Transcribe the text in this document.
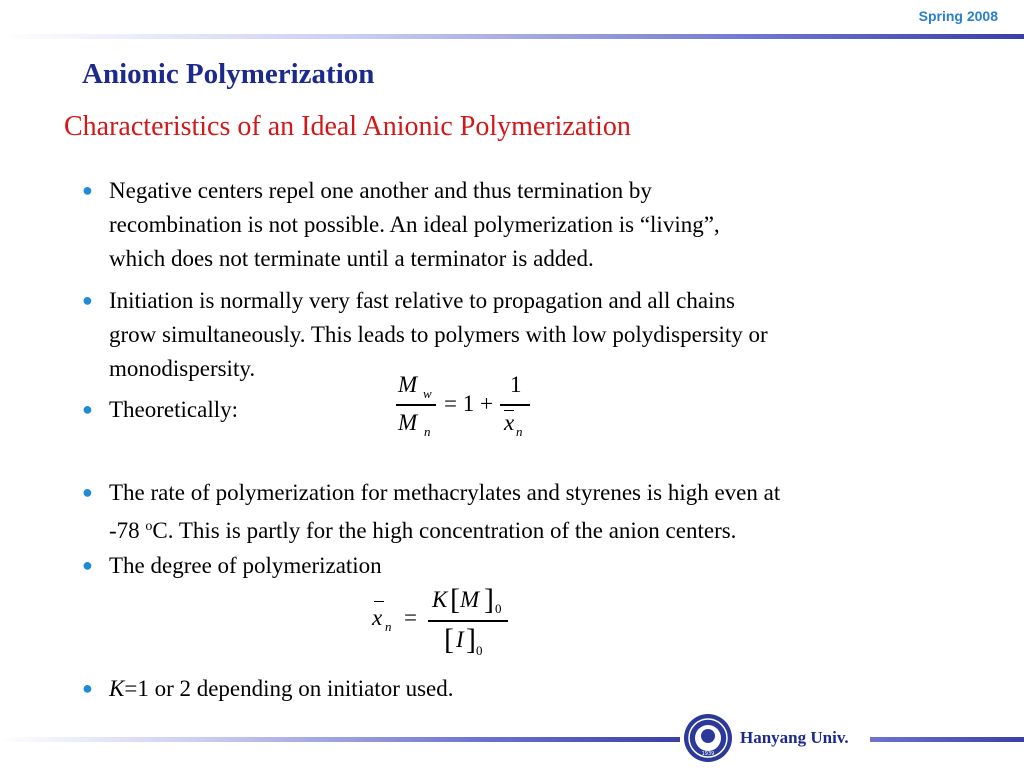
Spring 2008
Anionic Polymerization
Characteristics of an Ideal Anionic Polymerization
● Negative centers repel one another and thus termination by
recombination is not possible. An ideal polymerization is “living”,
which does not terminate until a terminator is added.
● Initiation is normally very fast relative to propagation and all chains
grow simultaneously. This leads to polymers with low polydispersity or
monodispersity.
● Theoretically:
M w
M n
= 1 +
1
x n
● The rate of polymerization for methacrylates and styrenes is high even at
-78 $^o$C. This is partly for the high concentration of the anion centers.
● The degree of polymerization
x n =
K [ M ] 0
[ I ] 0
● K=1 or 2 depending on initiator used.
1939
Hanyang Univ.
